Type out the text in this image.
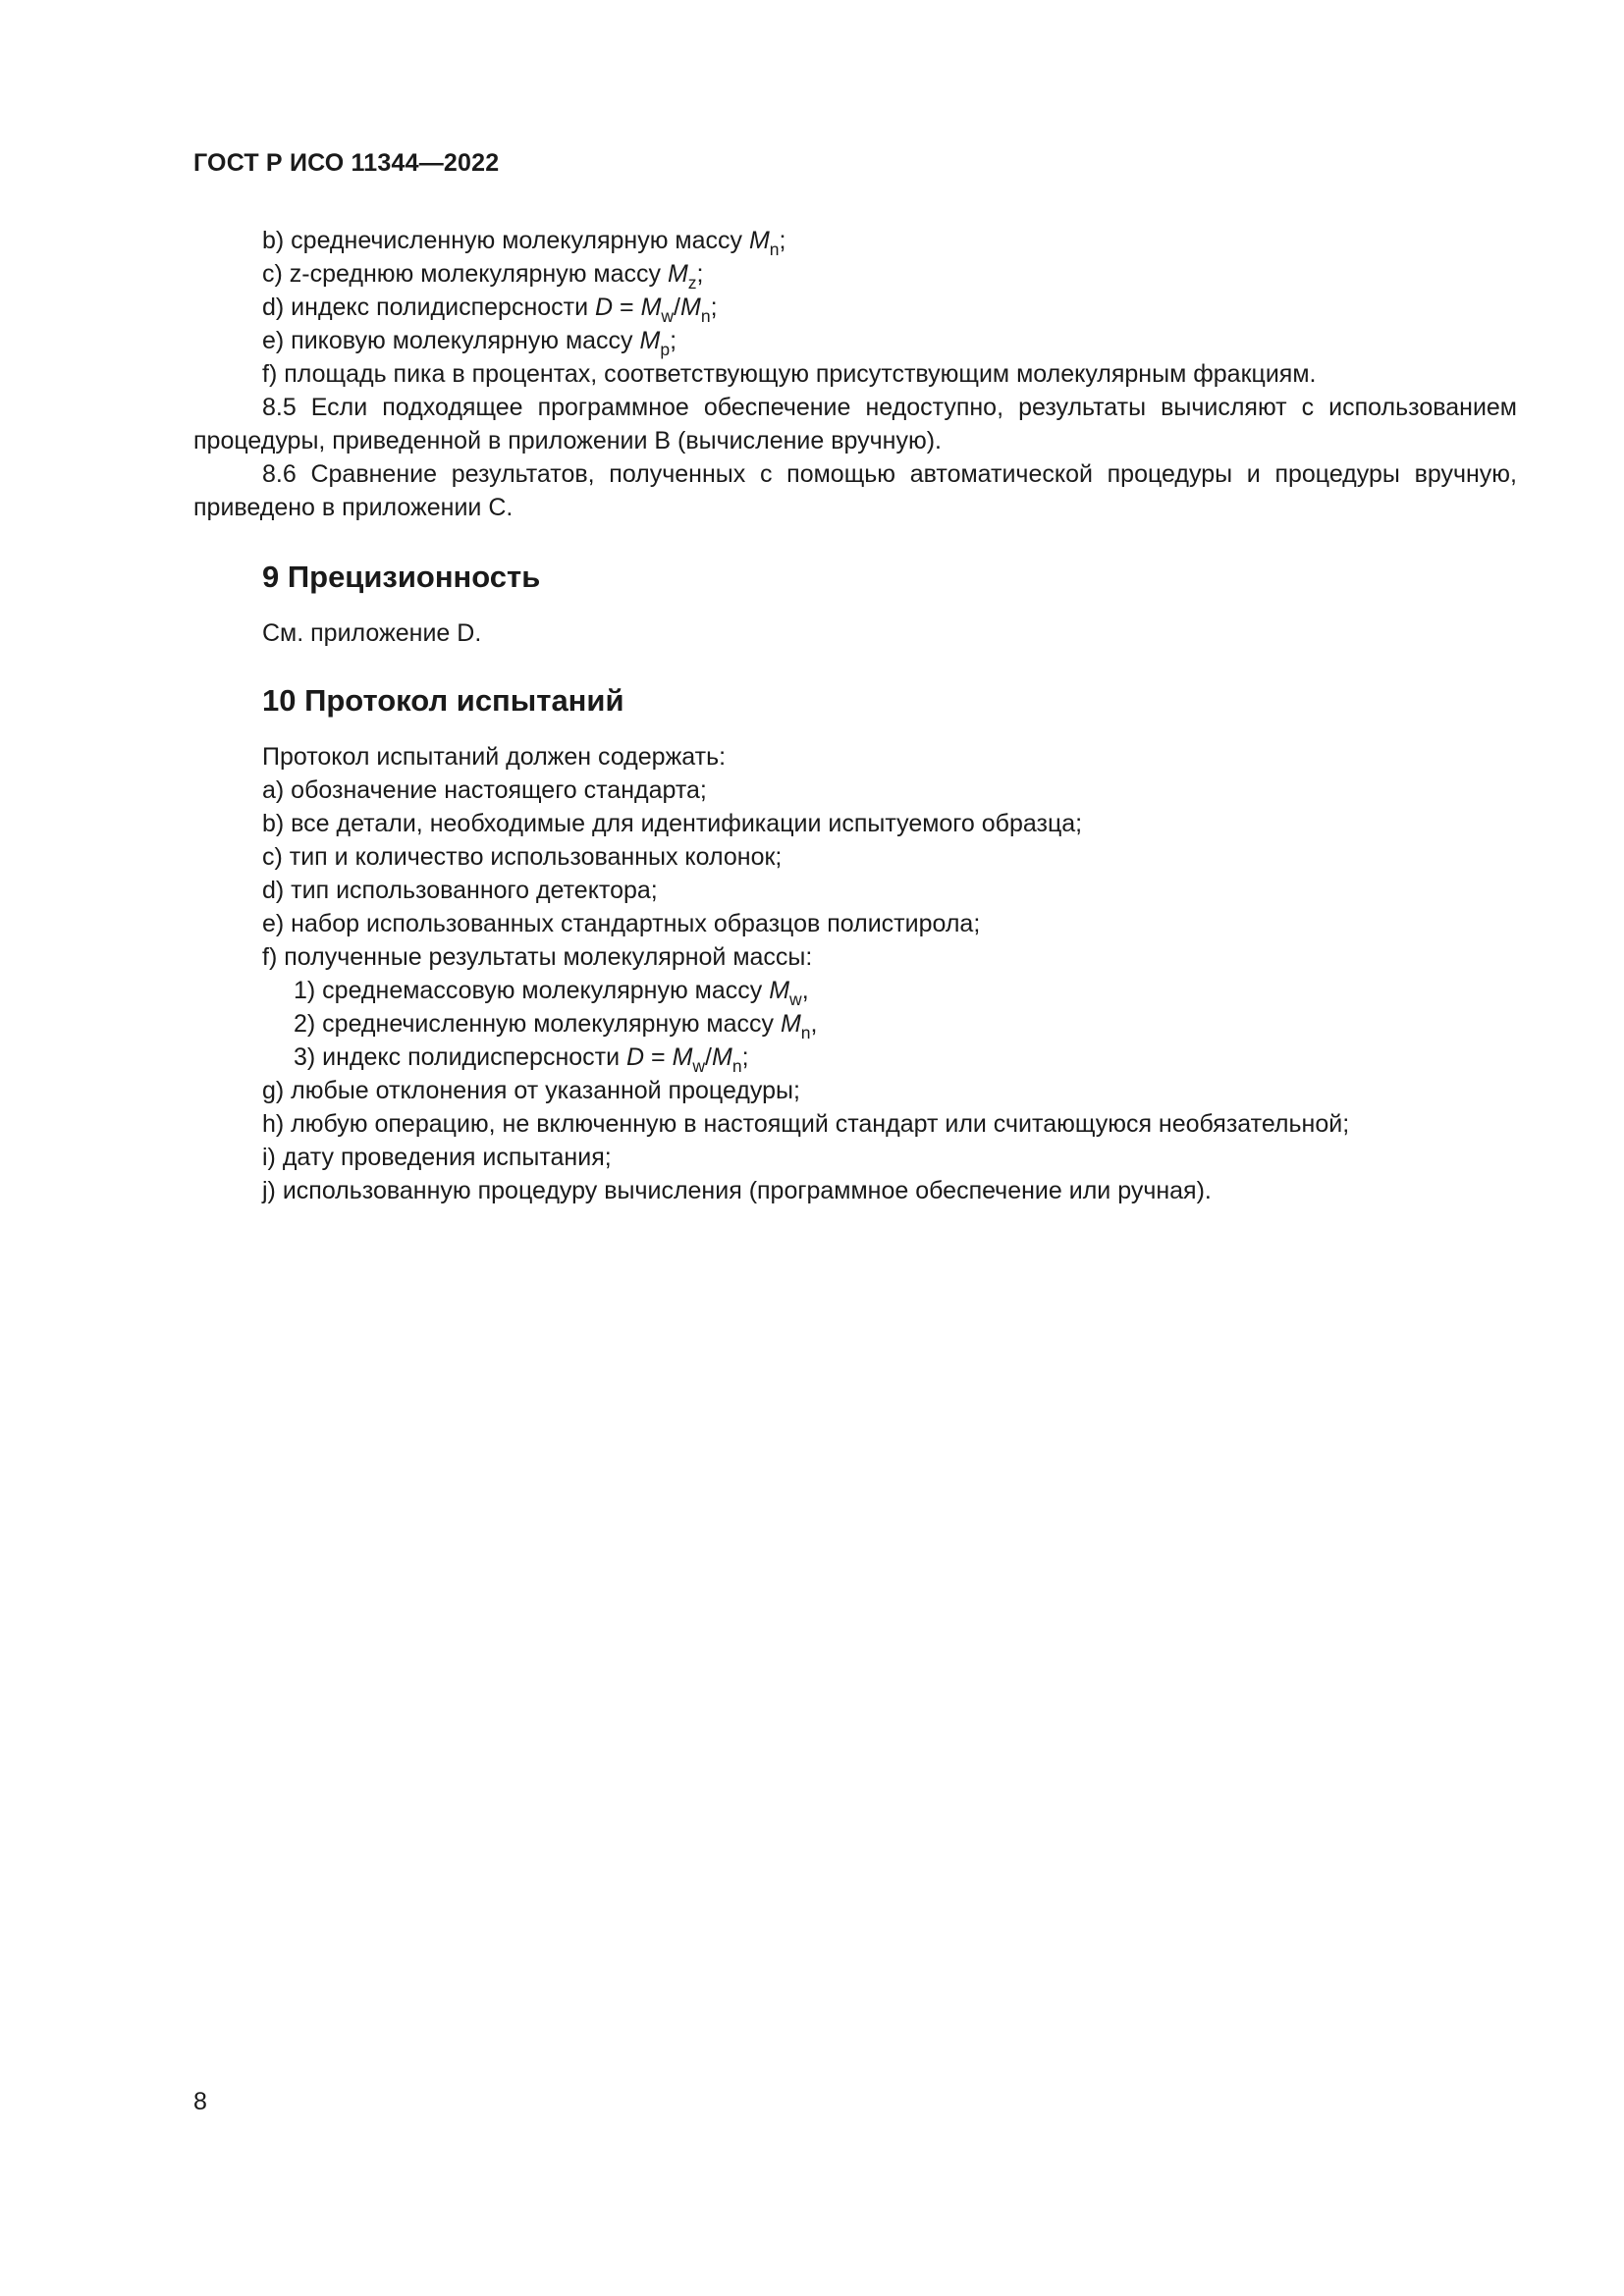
ГОСТ Р ИСО 11344—2022
b) среднечисленную молекулярную массу $M_n$;
c) z-среднюю молекулярную массу $M_z$;
d) индекс полидисперсности $D = M_w/M_n$;
e) пиковую молекулярную массу $M_p$;
f) площадь пика в процентах, соответствующую присутствующим молекулярным фракциям.
8.5 Если подходящее программное обеспечение недоступно, результаты вычисляют с использованием процедуры, приведенной в приложении В (вычисление вручную).
8.6 Сравнение результатов, полученных с помощью автоматической процедуры и процедуры вручную, приведено в приложении С.
9 Прецизионность
См. приложение D.
10 Протокол испытаний
Протокол испытаний должен содержать:
a) обозначение настоящего стандарта;
b) все детали, необходимые для идентификации испытуемого образца;
c) тип и количество использованных колонок;
d) тип использованного детектора;
e) набор использованных стандартных образцов полистирола;
f) полученные результаты молекулярной массы:
1) среднемассовую молекулярную массу $M_w$,
2) среднечисленную молекулярную массу $M_n$,
3) индекс полидисперсности $D = M_w/M_n$;
g) любые отклонения от указанной процедуры;
h) любую операцию, не включенную в настоящий стандарт или считающуюся необязательной;
i) дату проведения испытания;
j) использованную процедуру вычисления (программное обеспечение или ручная).
8
